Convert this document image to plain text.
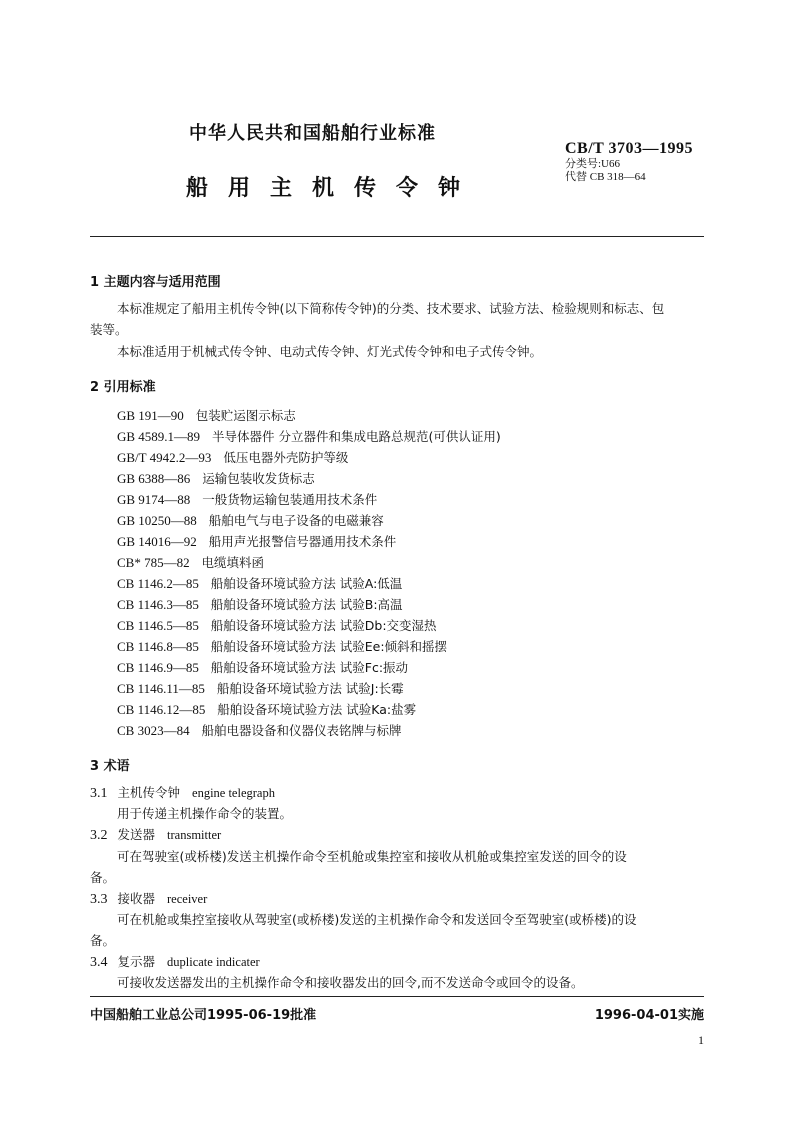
中华人民共和国船舶行业标准
CB/T 3703—1995
分类号:U66
代替 CB 318—64
船用主机传令钟
1 主题内容与适用范围
本标准规定了船用主机传令钟(以下简称传令钟)的分类、技术要求、试验方法、检验规则和标志、包
装等。
本标准适用于机械式传令钟、电动式传令钟、灯光式传令钟和电子式传令钟。
2 引用标准
GB 191—90 包装贮运图示标志
GB 4589.1—89 半导体器件 分立器件和集成电路总规范(可供认证用)
GB/T 4942.2—93 低压电器外壳防护等级
GB 6388—86 运输包装收发货标志
GB 9174—88 一般货物运输包装通用技术条件
GB 10250—88 船舶电气与电子设备的电磁兼容
GB 14016—92 船用声光报警信号器通用技术条件
CB* 785—82 电缆填料函
CB 1146.2—85 船舶设备环境试验方法 试验A:低温
CB 1146.3—85 船舶设备环境试验方法 试验B:高温
CB 1146.5—85 船舶设备环境试验方法 试验Db:交变湿热
CB 1146.8—85 船舶设备环境试验方法 试验Ee:倾斜和摇摆
CB 1146.9—85 船舶设备环境试验方法 试验Fc:振动
CB 1146.11—85 船舶设备环境试验方法 试验J:长霉
CB 1146.12—85 船舶设备环境试验方法 试验Ka:盐雾
CB 3023—84 船舶电器设备和仪器仪表铭牌与标牌
3 术语
3.1 主机传令钟 engine telegraph
用于传递主机操作命令的装置。
3.2 发送器 transmitter
可在驾驶室(或桥楼)发送主机操作命令至机舱或集控室和接收从机舱或集控室发送的回令的设
备。
3.3 接收器 receiver
可在机舱或集控室接收从驾驶室(或桥楼)发送的主机操作命令和发送回令至驾驶室(或桥楼)的设
备。
3.4 复示器 duplicate indicater
可接收发送器发出的主机操作命令和接收器发出的回令,而不发送命令或回令的设备。
中国船舶工业总公司1995-06-19批准	1996-04-01实施
1
